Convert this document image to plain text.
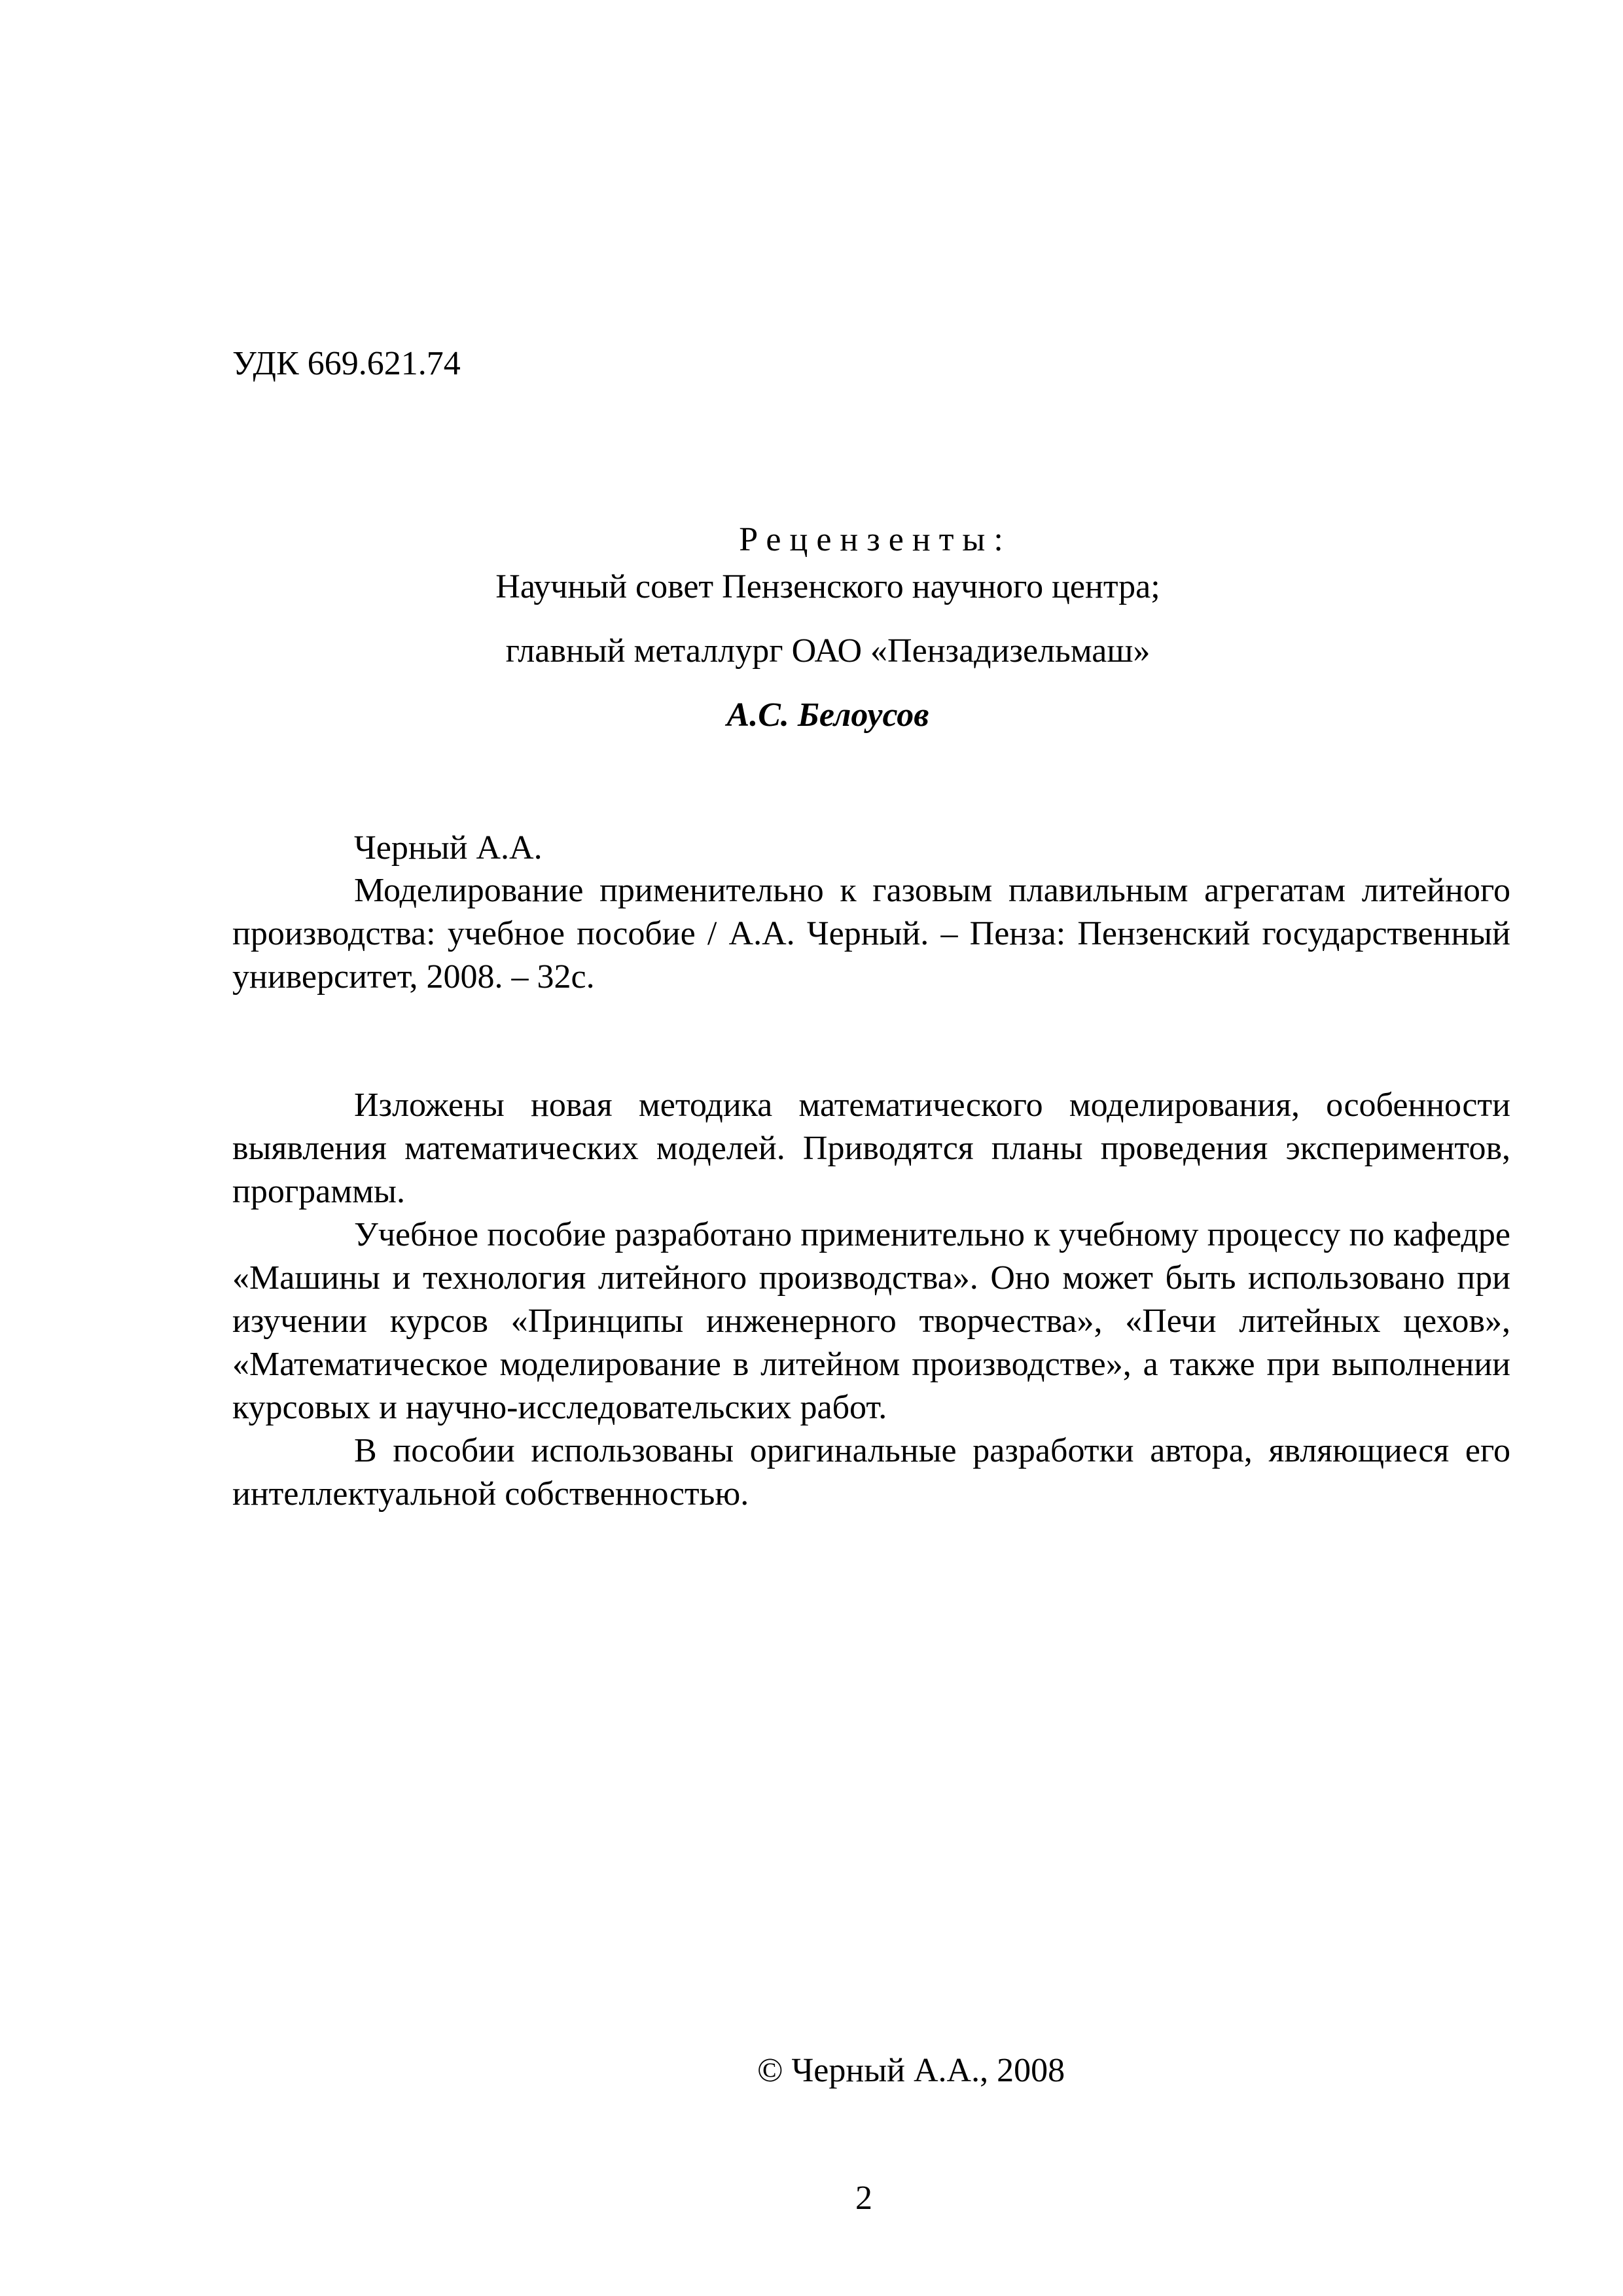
УДК 669.621.74
Рецензенты:
Научный совет Пензенского научного центра;
главный металлург ОАО «Пензадизельмаш»
А.С. Белоусов
Черный А.А.

Моделирование применительно к газовым плавильным агрегатам литейного производства: учебное пособие / А.А. Черный. – Пенза: Пензенский государственный университет, 2008. – 32с.

Изложены новая методика математического моделирования, особенности выявления математических моделей. Приводятся планы проведения экспериментов, программы.

Учебное пособие разработано применительно к учебному процессу по кафедре «Машины и технология литейного производства». Оно может быть использовано при изучении курсов «Принципы инженерного творчества», «Печи литейных цехов», «Математическое моделирование в литейном производстве», а также при выполнении курсовых и научно-исследовательских работ.

В пособии использованы оригинальные разработки автора, являющиеся его интеллектуальной собственностью.

© Черный А.А., 2008
2
